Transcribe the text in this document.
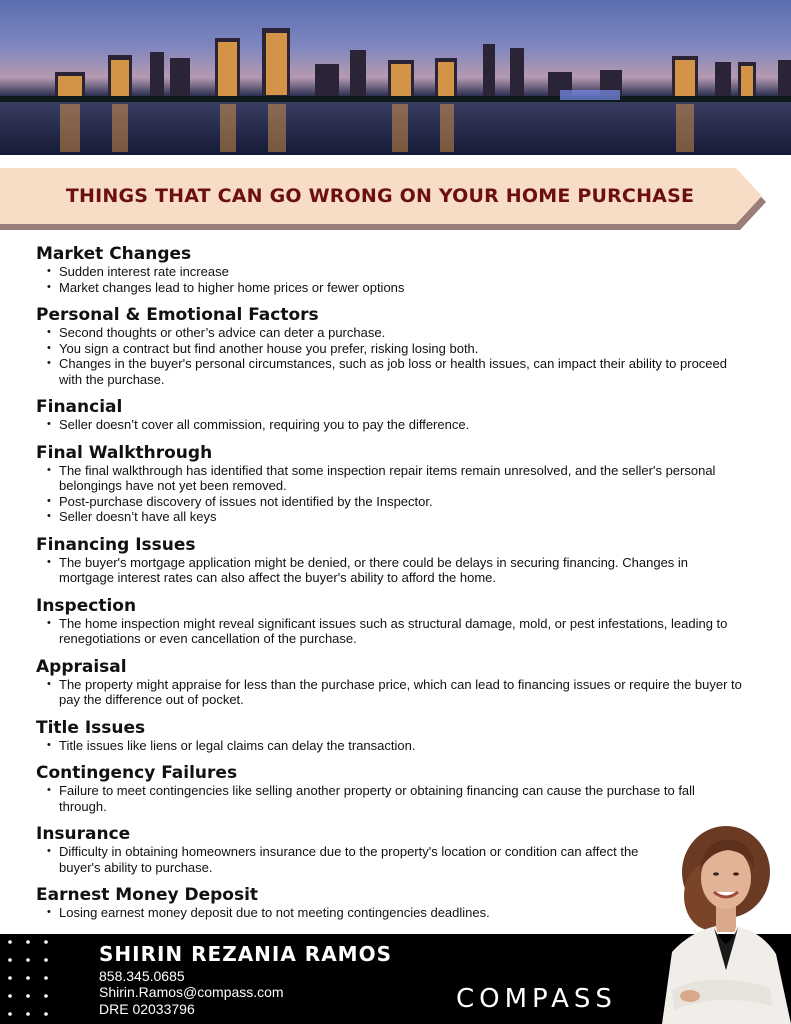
THINGS THAT CAN GO WRONG ON YOUR HOME PURCHASE
Market Changes
• Sudden interest rate increase
• Market changes lead to higher home prices or fewer options
Personal & Emotional Factors
• Second thoughts or other’s advice can deter a purchase.
• You sign a contract but find another house you prefer, risking losing both.
• Changes in the buyer's personal circumstances, such as job loss or health issues, can impact their ability to proceed with the purchase.
Financial
• Seller doesn’t cover all commission, requiring you to pay the difference.
Final Walkthrough
• The final walkthrough has identified that some inspection repair items remain unresolved, and the seller's personal belongings have not yet been removed.
• Post-purchase discovery of issues not identified by the Inspector.
• Seller doesn’t have all keys
Financing Issues
• The buyer's mortgage application might be denied, or there could be delays in securing financing. Changes in mortgage interest rates can also affect the buyer's ability to afford the home.
Inspection
• The home inspection might reveal significant issues such as structural damage, mold, or pest infestations, leading to renegotiations or even cancellation of the purchase.
Appraisal
• The property might appraise for less than the purchase price, which can lead to financing issues or require the buyer to pay the difference out of pocket.
Title Issues
• Title issues like liens or legal claims can delay the transaction.
Contingency Failures
• Failure to meet contingencies like selling another property or obtaining financing can cause the purchase to fall through.
Insurance
• Difficulty in obtaining homeowners insurance due to the property's location or condition can affect the buyer's ability to purchase.
Earnest Money Deposit
• Losing earnest money deposit due to not meeting contingencies deadlines.
SHIRIN REZANIA RAMOS
858.345.0685
Shirin.Ramos@compass.com
DRE 02033796	COMPASS
